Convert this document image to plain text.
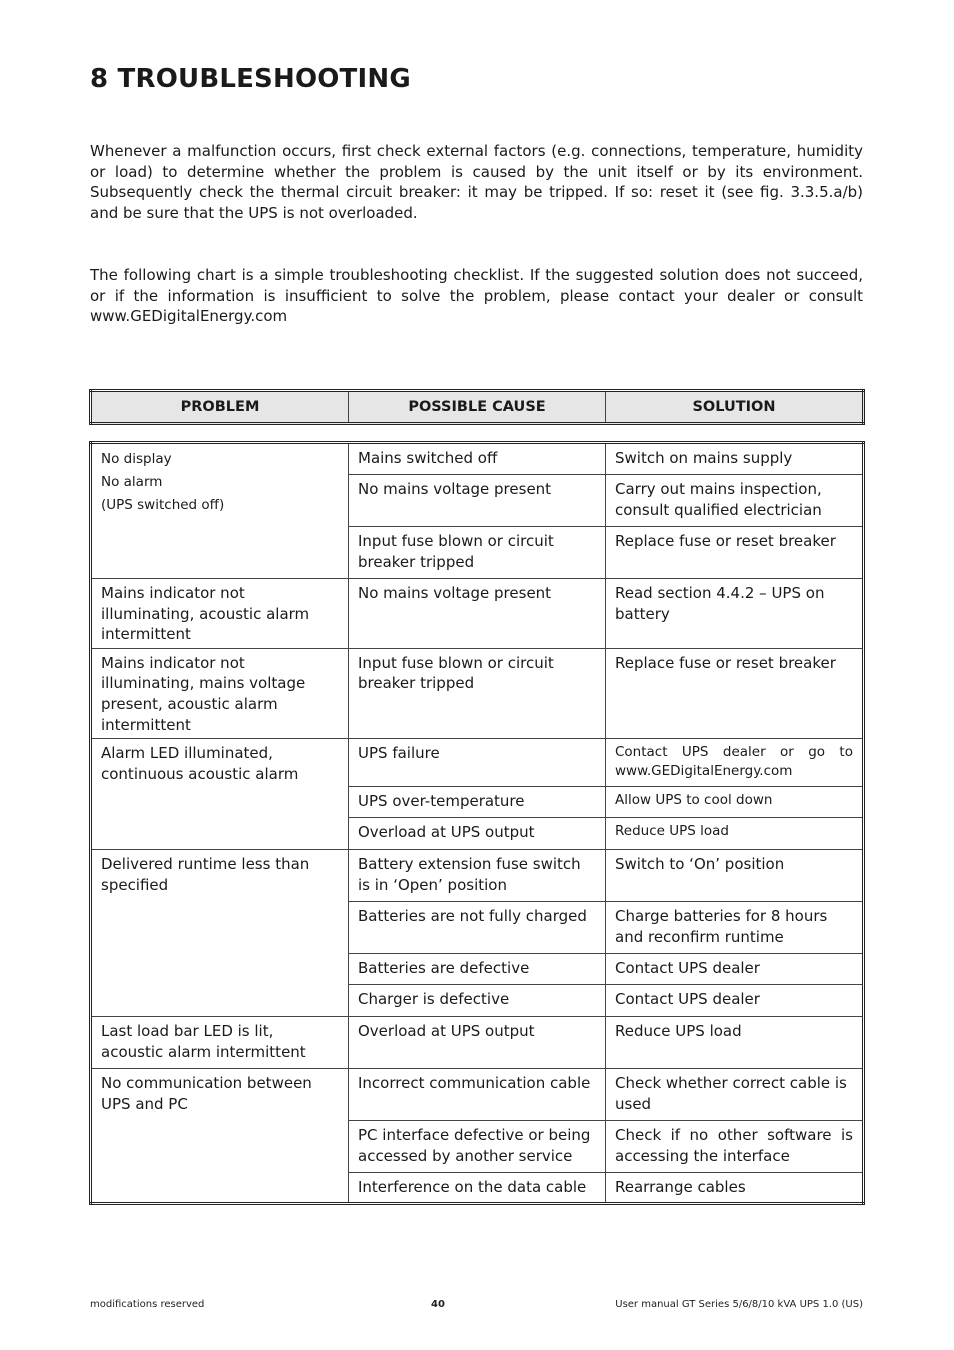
8 TROUBLESHOOTING

Whenever a malfunction occurs, first check external factors (e.g. connections, temperature, humidity or load) to determine whether the problem is caused by the unit itself or by its environment. Subsequently check the thermal circuit breaker: it may be tripped. If so: reset it (see fig. 3.3.5.a/b) and be sure that the UPS is not overloaded.

The following chart is a simple troubleshooting checklist. If the suggested solution does not succeed, or if the information is insufficient to solve the problem, please contact your dealer or consult www.GEDigitalEnergy.com

PROBLEM	POSSIBLE CAUSE	SOLUTION
No display
No alarm
(UPS switched off)	Mains switched off	Switch on mains supply
	No mains voltage present	Carry out mains inspection, consult qualified electrician
	Input fuse blown or circuit breaker tripped	Replace fuse or reset breaker
Mains indicator not illuminating, acoustic alarm intermittent	No mains voltage present	Read section 4.4.2 – UPS on battery
Mains indicator not illuminating, mains voltage present, acoustic alarm intermittent	Input fuse blown or circuit breaker tripped	Replace fuse or reset breaker
Alarm LED illuminated, continuous acoustic alarm	UPS failure	Contact UPS dealer or go to www.GEDigitalEnergy.com
	UPS over-temperature	Allow UPS to cool down
	Overload at UPS output	Reduce UPS load
Delivered runtime less than specified	Battery extension fuse switch is in ‘Open’ position	Switch to ‘On’ position
	Batteries are not fully charged	Charge batteries for 8 hours and reconfirm runtime
	Batteries are defective	Contact UPS dealer
	Charger is defective	Contact UPS dealer
Last load bar LED is lit, acoustic alarm intermittent	Overload at UPS output	Reduce UPS load
No communication between UPS and PC	Incorrect communication cable	Check whether correct cable is used
	PC interface defective or being accessed by another service	Check if no other software is accessing the interface
	Interference on the data cable	Rearrange cables
modifications reserved	40	User manual GT Series 5/6/8/10 kVA UPS 1.0 (US)
